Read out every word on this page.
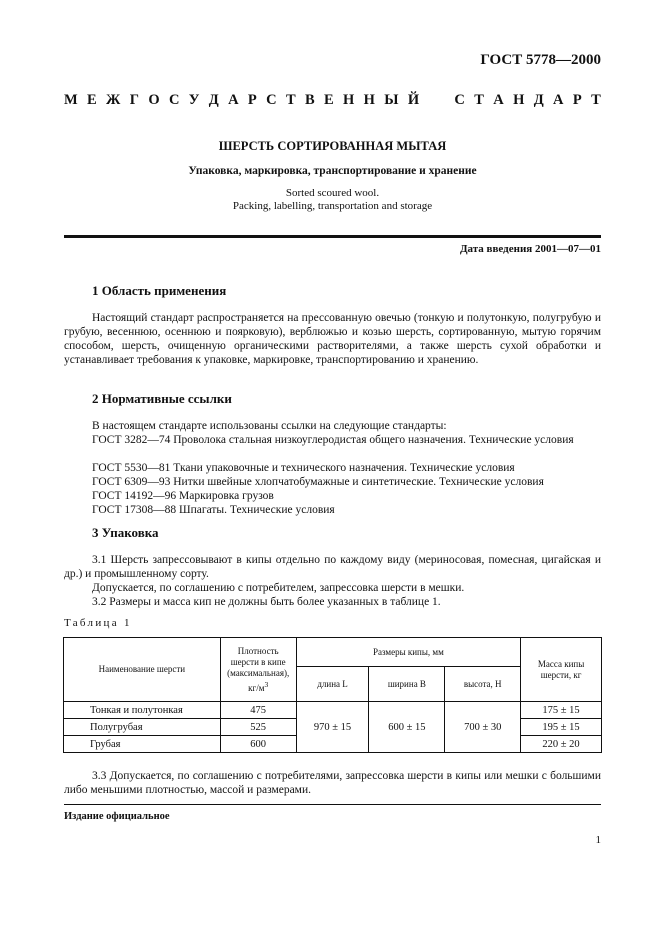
ГОСТ 5778—2000
М Е Ж Г О С У Д А Р С Т В Е Н Н Ы Й

С Т А Н Д А Р Т
ШЕРСТЬ СОРТИРОВАННАЯ МЫТАЯ
Упаковка, маркировка, транспортирование и хранение
Sorted scoured wool.
Packing, labelling, transportation and storage
Дата введения 2001—07—01
1 Область применения
Настоящий стандарт распространяется на прессованную овечью (тонкую и полутонкую, полугрубую и грубую, весеннюю, осеннюю и поярковую), верблюжью и козью шерсть, сортированную, мытую горячим способом, шерсть, очищенную органическими растворителями, а также шерсть сухой обработки и устанавливает требования к упаковке, маркировке, транспортированию и хранению.
2 Нормативные ссылки
В настоящем стандарте использованы ссылки на следующие стандарты:
ГОСТ 3282—74 Проволока стальная низкоуглеродистая общего назначения. Технические условия
ГОСТ 5530—81 Ткани упаковочные и технического назначения. Технические условия
ГОСТ 6309—93 Нитки швейные хлопчатобумажные и синтетические. Технические условия
ГОСТ 14192—96 Маркировка грузов
ГОСТ 17308—88 Шпагаты. Технические условия
3 Упаковка
3.1 Шерсть запрессовывают в кипы отдельно по каждому виду (мериносовая, помесная, цигайская и др.) и промышленному сорту.
Допускается, по соглашению с потребителем, запрессовка шерсти в мешки.
3.2 Размеры и масса кип не должны быть более указанных в таблице 1.
Таблица 1
Наименование шерсти	Плотность шерсти в кипе (максимальная), $кг/м^3$	Размеры кипы, мм			Масса кипы шерсти, кг
		длина L	ширина B	высота, H	
Тонкая и полутонкая	475	970 ± 15	600 ± 15	700 ± 30	175 ± 15
Полугрубая	525				195 ± 15
Грубая	600				220 ± 20
3.3 Допускается, по соглашению с потребителями, запрессовка шерсти в кипы или мешки с большими либо меньшими плотностью, массой и размерами.
Издание официальное
1
